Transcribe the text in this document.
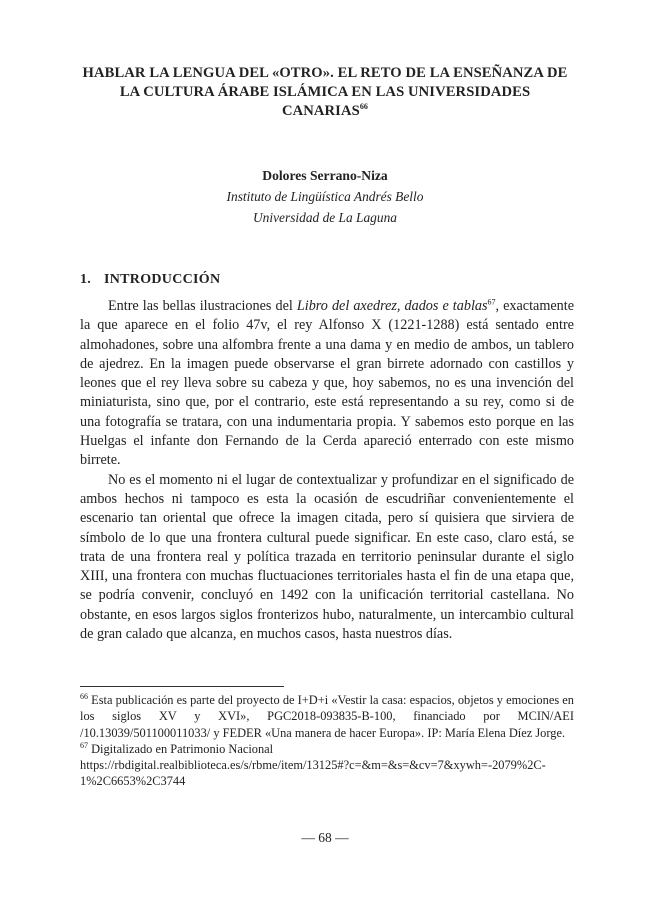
HABLAR LA LENGUA DEL «OTRO». EL RETO DE LA ENSEÑANZA DE LA CULTURA ÁRABE ISLÁMICA EN LAS UNIVERSIDADES CANARIAS$^{66}$

Dolores Serrano-Niza

Instituto de Lingüística Andrés Bello

Universidad de La Laguna

1. INTRODUCCIÓN

Entre las bellas ilustraciones del Libro del axedrez, dados e tablas$^{67}$, exactamente la que aparece en el folio 47v, el rey Alfonso X (1221-1288) está sentado entre almohadones, sobre una alfombra frente a una dama y en medio de ambos, un tablero de ajedrez. En la imagen puede observarse el gran birrete adornado con castillos y leones que el rey lleva sobre su cabeza y que, hoy sabemos, no es una invención del miniaturista, sino que, por el contrario, este está representando a su rey, como si de una fotografía se tratara, con una indumentaria propia. Y sabemos esto porque en las Huelgas el infante don Fernando de la Cerda apareció enterrado con este mismo birrete.

No es el momento ni el lugar de contextualizar y profundizar en el significado de ambos hechos ni tampoco es esta la ocasión de escudriñar convenientemente el escenario tan oriental que ofrece la imagen citada, pero sí quisiera que sirviera de símbolo de lo que una frontera cultural puede significar. En este caso, claro está, se trata de una frontera real y política trazada en territorio peninsular durante el siglo XIII, una frontera con muchas fluctuaciones territoriales hasta el fin de una etapa que, se podría convenir, concluyó en 1492 con la unificación territorial castellana. No obstante, en esos largos siglos fronterizos hubo, naturalmente, un intercambio cultural de gran calado que alcanza, en muchos casos, hasta nuestros días.

$^{66}$ Esta publicación es parte del proyecto de I+D+i «Vestir la casa: espacios, objetos y emociones en los siglos XV y XVI», PGC2018-093835-B-100, financiado por MCIN/AEI /10.13039/501100011033/ y FEDER «Una manera de hacer Europa». IP: María Elena Díez Jorge.

$^{67}$ Digitalizado en Patrimonio Nacional

https://rbdigital.realbiblioteca.es/s/rbme/item/13125#?c=&m=&s=&cv=7&xywh=-2079%2C-1%2C6653%2C3744

— 68 —
